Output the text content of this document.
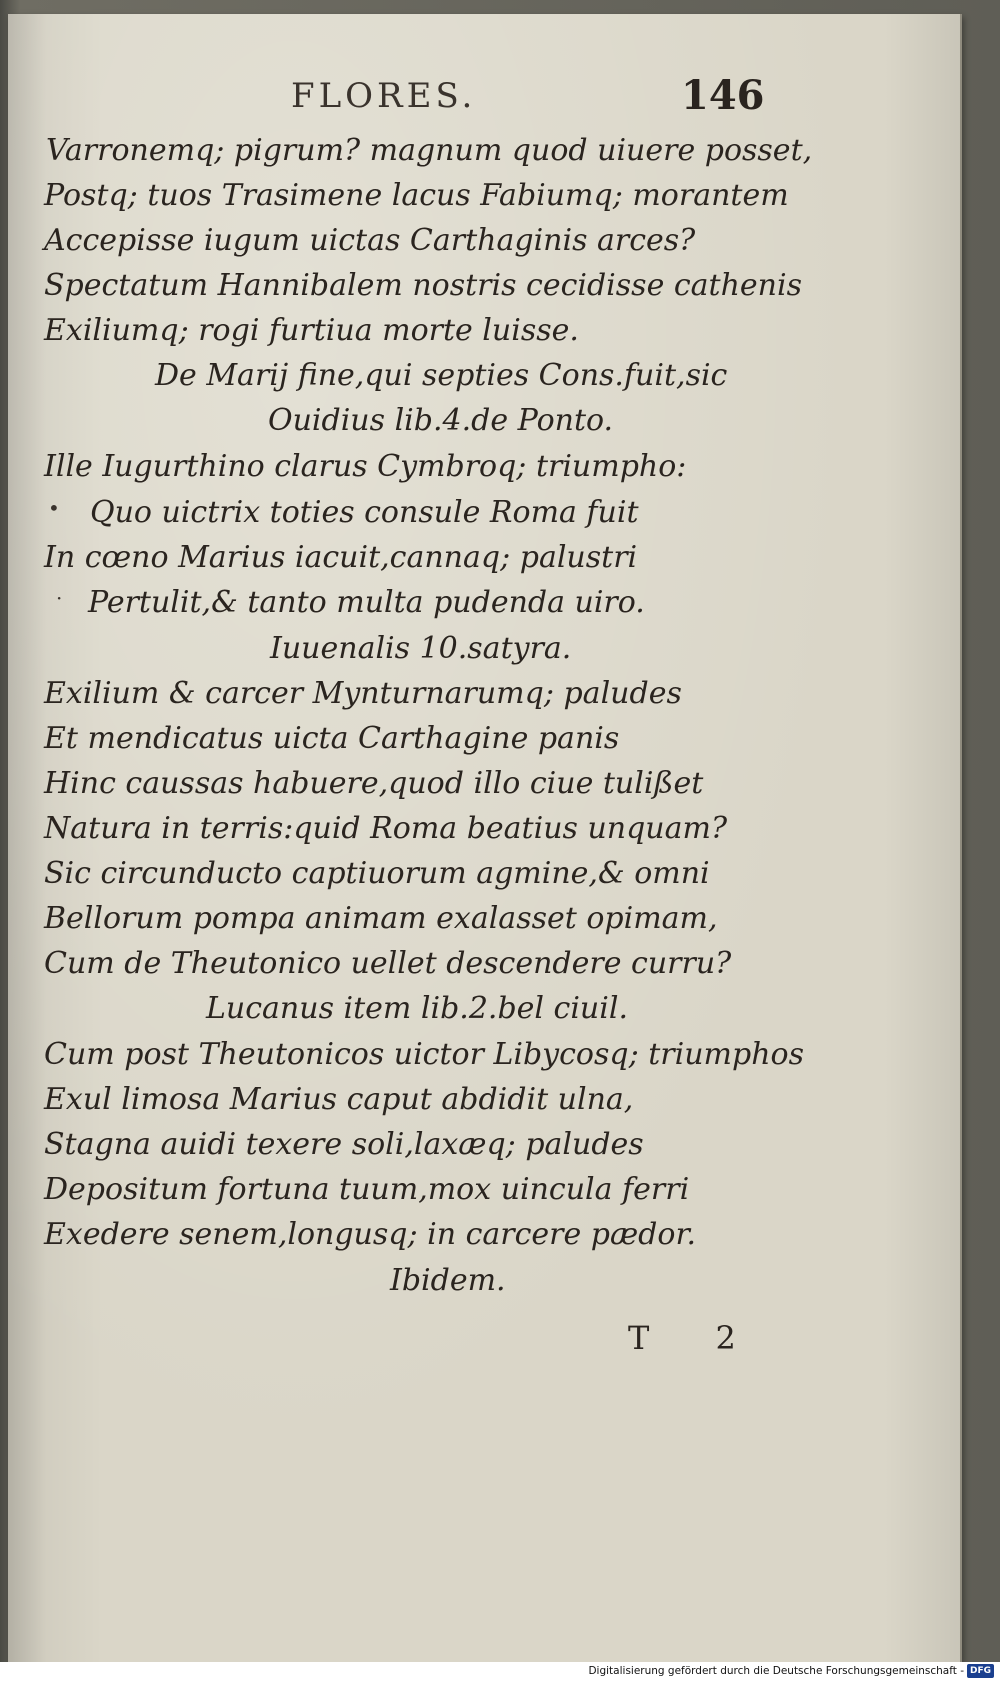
FLORES.	146
Varronemq; pigrum? magnum quod uiuere posset,
Postq; tuos Trasimene lacus Fabiumq; morantem
Accepisse iugum uictas Carthaginis arces?
Spectatum Hannibalem nostris cecidisse cathenis
Exiliumq; rogi furtiua morte luisse.
De Marij fine,qui septies Cons.fuit,sic
Ouidius lib.4.de Ponto.
Ille Iugurthino clarus Cymbroq; triumpho:
• Quo uictrix toties consule Roma fuit
In cœno Marius iacuit,cannaq; palustri
· Pertulit,& tanto multa pudenda uiro.
Iuuenalis 10.satyra.
Exilium & carcer Mynturnarumq; paludes
Et mendicatus uicta Carthagine panis
Hinc caussas habuere,quod illo ciue tulißet
Natura in terris:quid Roma beatius unquam?
Sic circunducto captiuorum agmine,& omni
Bellorum pompa animam exalasset opimam,
Cum de Theutonico uellet descendere curru?
Lucanus item lib.2.bel ciuil.
Cum post Theutonicos uictor Libycosq; triumphos
Exul limosa Marius caput abdidit ulna,
Stagna auidi texere soli,laxæq; paludes
Depositum fortuna tuum,mox uincula ferri
Exedere senem,longusq; in carcere pædor.
Ibidem.
T 2
Digitalisierung gefördert durch die Deutsche Forschungsgemeinschaft - DFG
